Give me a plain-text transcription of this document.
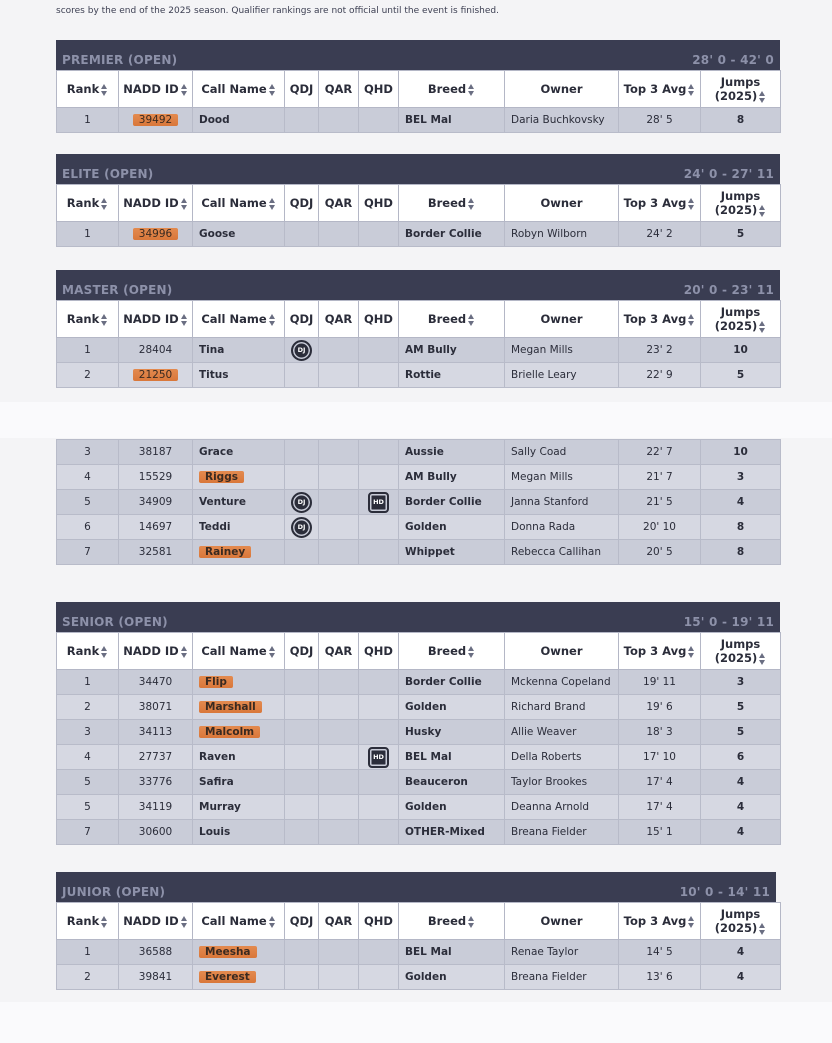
scores by the end of the 2025 season. Qualifier rankings are not official until the event is finished.
PREMIER (OPEN)	28' 0 - 42' 0
Rank	NADD ID	Call Name	QDJ	QAR	QHD	Breed	Owner	Top 3 Avg	Jumps (2025)
1	39492	Dood				BEL Mal	Daria Buchkovsky	28' 5	8
ELITE (OPEN)	24' 0 - 27' 11
Rank	NADD ID	Call Name	QDJ	QAR	QHD	Breed	Owner	Top 3 Avg	Jumps (2025)
1	34996	Goose				Border Collie	Robyn Wilborn	24' 2	5
MASTER (OPEN)	20' 0 - 23' 11
Rank	NADD ID	Call Name	QDJ	QAR	QHD	Breed	Owner	Top 3 Avg	Jumps (2025)
1	28404	Tina	DJ			AM Bully	Megan Mills	23' 2	10
2	21250	Titus				Rottie	Brielle Leary	22' 9	5
3	38187	Grace				Aussie	Sally Coad	22' 7	10
4	15529	Riggs				AM Bully	Megan Mills	21' 7	3
5	34909	Venture	DJ		HD	Border Collie	Janna Stanford	21' 5	4
6	14697	Teddi	DJ			Golden	Donna Rada	20' 10	8
7	32581	Rainey				Whippet	Rebecca Callihan	20' 5	8
SENIOR (OPEN)	15' 0 - 19' 11
Rank	NADD ID	Call Name	QDJ	QAR	QHD	Breed	Owner	Top 3 Avg	Jumps (2025)
1	34470	Flip				Border Collie	Mckenna Copeland	19' 11	3
2	38071	Marshall				Golden	Richard Brand	19' 6	5
3	34113	Malcolm				Husky	Allie Weaver	18' 3	5
4	27737	Raven			HD	BEL Mal	Della Roberts	17' 10	6
5	33776	Safira				Beauceron	Taylor Brookes	17' 4	4
5	34119	Murray				Golden	Deanna Arnold	17' 4	4
7	30600	Louis				OTHER-Mixed	Breana Fielder	15' 1	4
JUNIOR (OPEN)	10' 0 - 14' 11
Rank	NADD ID	Call Name	QDJ	QAR	QHD	Breed	Owner	Top 3 Avg	Jumps (2025)
1	36588	Meesha				BEL Mal	Renae Taylor	14' 5	4
2	39841	Everest				Golden	Breana Fielder	13' 6	4
